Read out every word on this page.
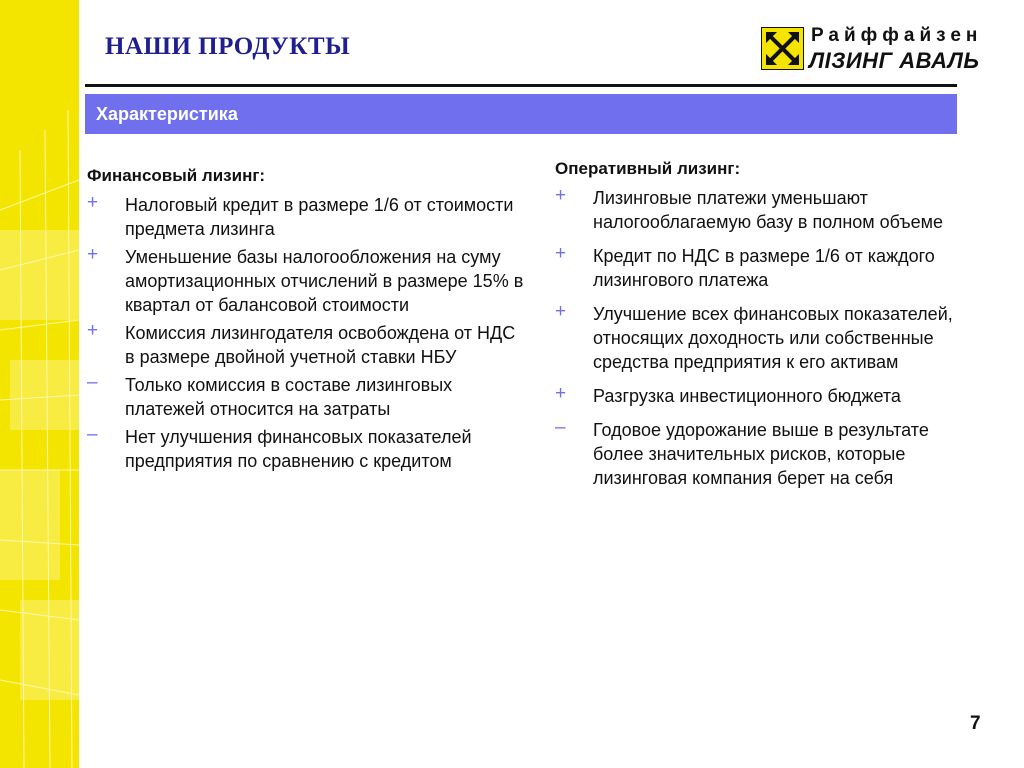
НАШИ ПРОДУКТЫ	Райффайзен
ЛІЗИНГ АВАЛЬ
Характеристика
Финансовый лизинг:
+	Налоговый кредит в размере 1/6 от стоимости предмета лизинга
+	Уменьшение базы налогообложения на суму амортизационных отчислений в размере 15% в квартал от балансовой стоимости
+	Комиссия лизингодателя освобождена от НДС в размере двойной учетной ставки НБУ
–	Только комиссия в составе лизинговых платежей относится на затраты
–	Нет улучшения финансовых показателей предприятия по сравнению с кредитом
Оперативный лизинг:
+	Лизинговые платежи уменьшают налогооблагаемую базу в полном объеме
+	Кредит по НДС в размере 1/6 от каждого лизингового платежа
+	Улучшение всех финансовых показателей, относящих доходность или собственные средства предприятия к его активам
+	Разгрузка инвестиционного бюджета
–	Годовое удорожание выше в результате более значительных рисков, которые лизинговая компания берет на себя
7
